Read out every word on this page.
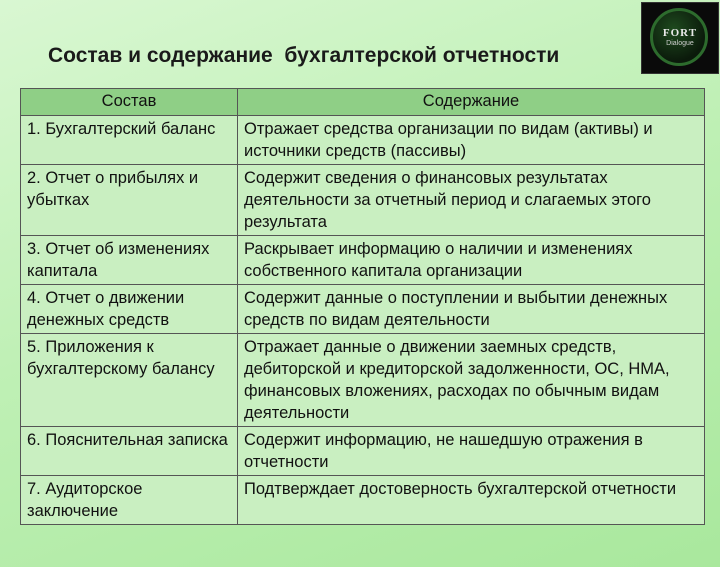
Состав и содержание  бухгалтерской отчетности
FORT
Dialogue
Состав	Содержание
1. Бухгалтерский баланс	Отражает средства организации по видам (активы) и источники средств (пассивы)
2. Отчет о прибылях и убытках	Содержит сведения о финансовых результатах деятельности за отчетный период и слагаемых этого результата
3. Отчет об изменениях капитала	Раскрывает информацию о наличии и изменениях собственного капитала организации
4. Отчет о движении денежных средств	Содержит данные о поступлении и выбытии денежных средств по видам деятельности
5. Приложения к бухгалтерскому балансу	Отражает данные о движении заемных средств, дебиторской и кредиторской задолженности, ОС, НМА, финансовых вложениях, расходах по обычным видам деятельности
6. Пояснительная записка	Содержит информацию, не нашедшую отражения в отчетности
7. Аудиторское заключение	Подтверждает достоверность бухгалтерской отчетности
